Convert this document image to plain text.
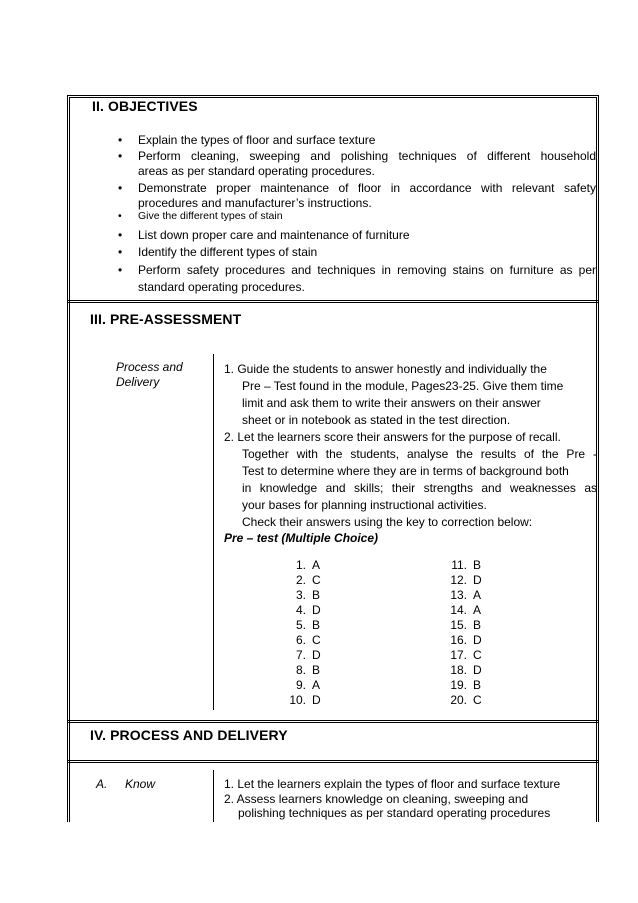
II. OBJECTIVES
• Explain the types of floor and surface texture
• Perform cleaning, sweeping and polishing techniques of different household
areas as per standard operating procedures.
• Demonstrate proper maintenance of floor in accordance with relevant safety
procedures and manufacturer’s instructions.
• Give the different types of stain
• List down proper care and maintenance of furniture
• Identify the different types of stain
• Perform safety procedures and techniques in removing stains on furniture as per
standard operating procedures.
III. PRE-ASSESSMENT
Process and
Delivery
1. Guide the students to answer honestly and individually the
Pre – Test found in the module, Pages23-25. Give them time
limit and ask them to write their answers on their answer
sheet or in notebook as stated in the test direction.
2. Let the learners score their answers for the purpose of recall.
Together with the students, analyse the results of the Pre -
Test to determine where they are in terms of background both
in knowledge and skills; their strengths and weaknesses as
your bases for planning instructional activities.
Check their answers using the key to correction below:
Pre – test (Multiple Choice)
1. A
2. C
3. B
4. D
5. B
6. C
7. D
8. B
9. A
10. D
11. B
12. D
13. A
14. A
15. B
16. D
17. C
18. D
19. B
20. C
IV. PROCESS AND DELIVERY
A. Know	1. Let the learners explain the types of floor and surface texture
2. Assess learners knowledge on cleaning, sweeping and
polishing techniques as per standard operating procedures
